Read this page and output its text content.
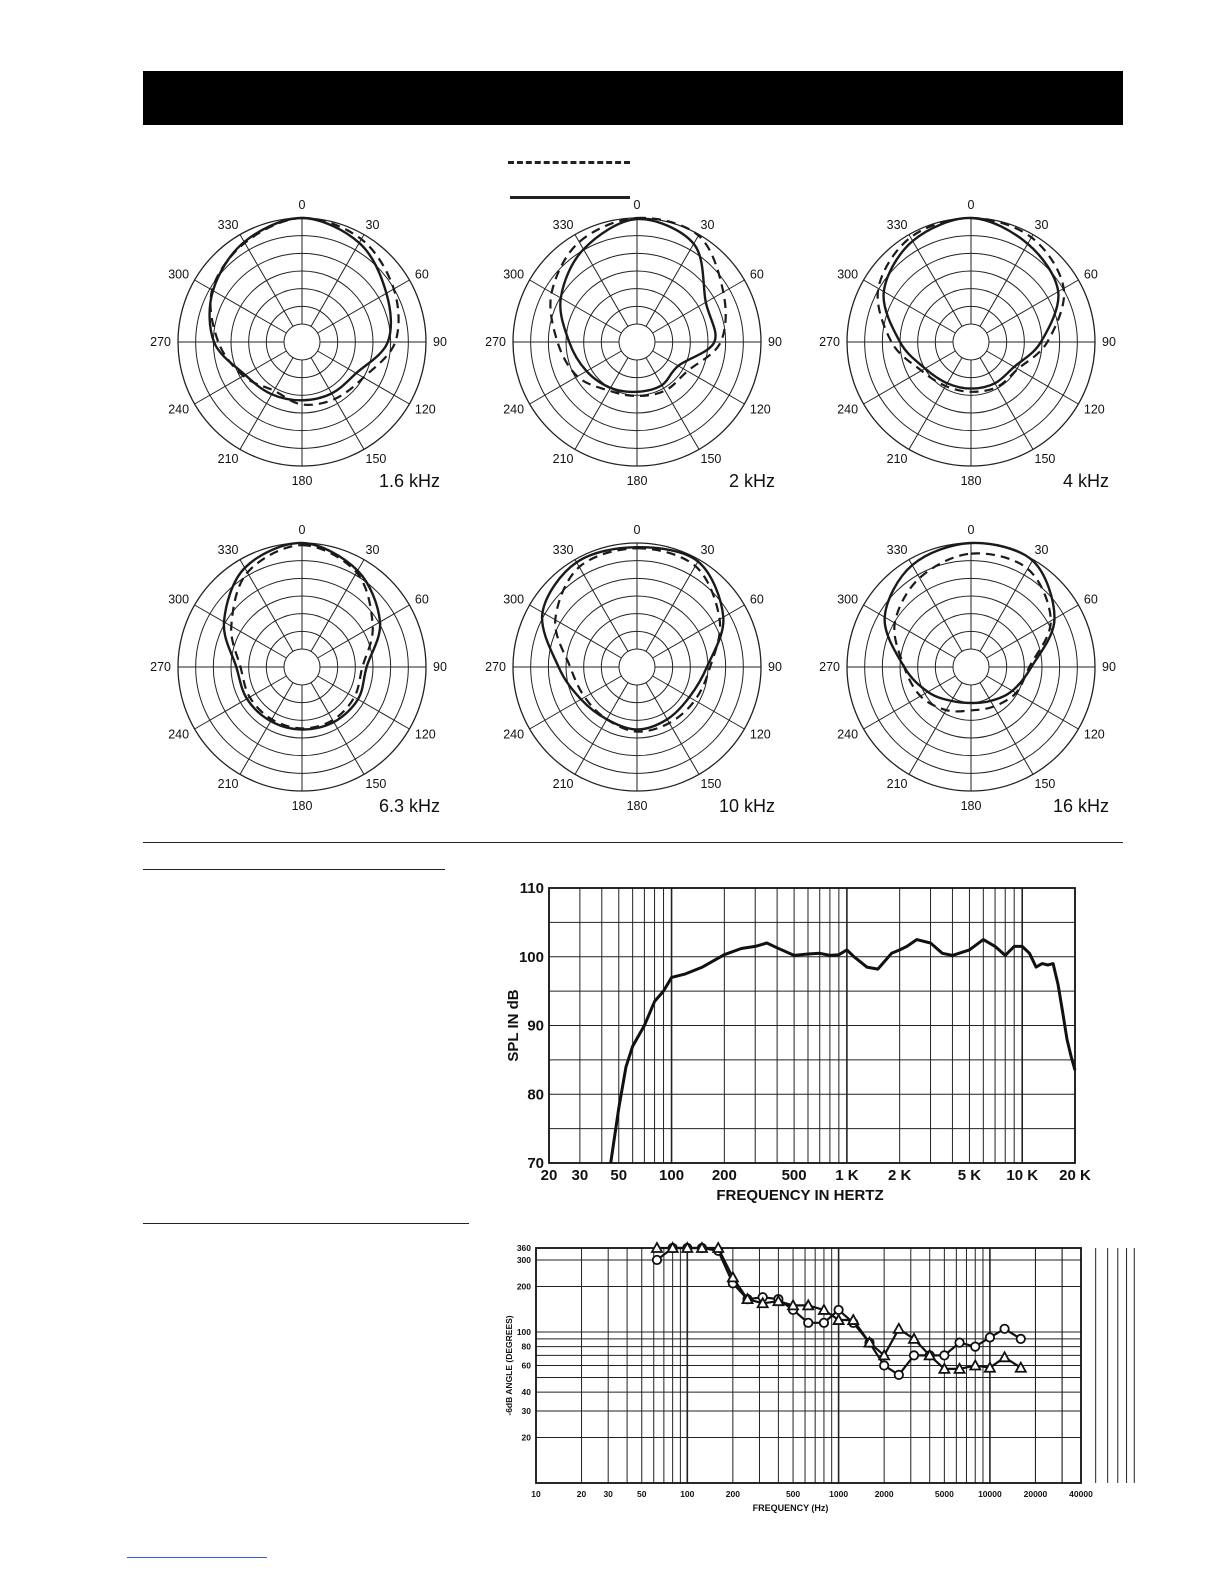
0
30
60
90
120
150
180
210
240
270
300
330
1.6 kHz
0
30
60
90
120
150
180
210
240
270
300
330
2 kHz
0
30
60
90
120
150
180
210
240
270
300
330
4 kHz
0
30
60
90
120
150
180
210
240
270
300
330
6.3 kHz
0
30
60
90
120
150
180
210
240
270
300
330
10 kHz
0
30
60
90
120
150
180
210
240
270
300
330
16 kHz
70
80
90
100
110
20 30 50 100 200	500 1 K 2 K	5 K 10 K 20 K
FREQUENCY IN HERTZ
SPL IN dB
360
300
200
100
80
60
40
30
20
10	20 30	50	100	200	500	1000	2000	5000	10000	20000	40000
FREQUENCY (Hz)
-6dB ANGLE (DEGREES)
